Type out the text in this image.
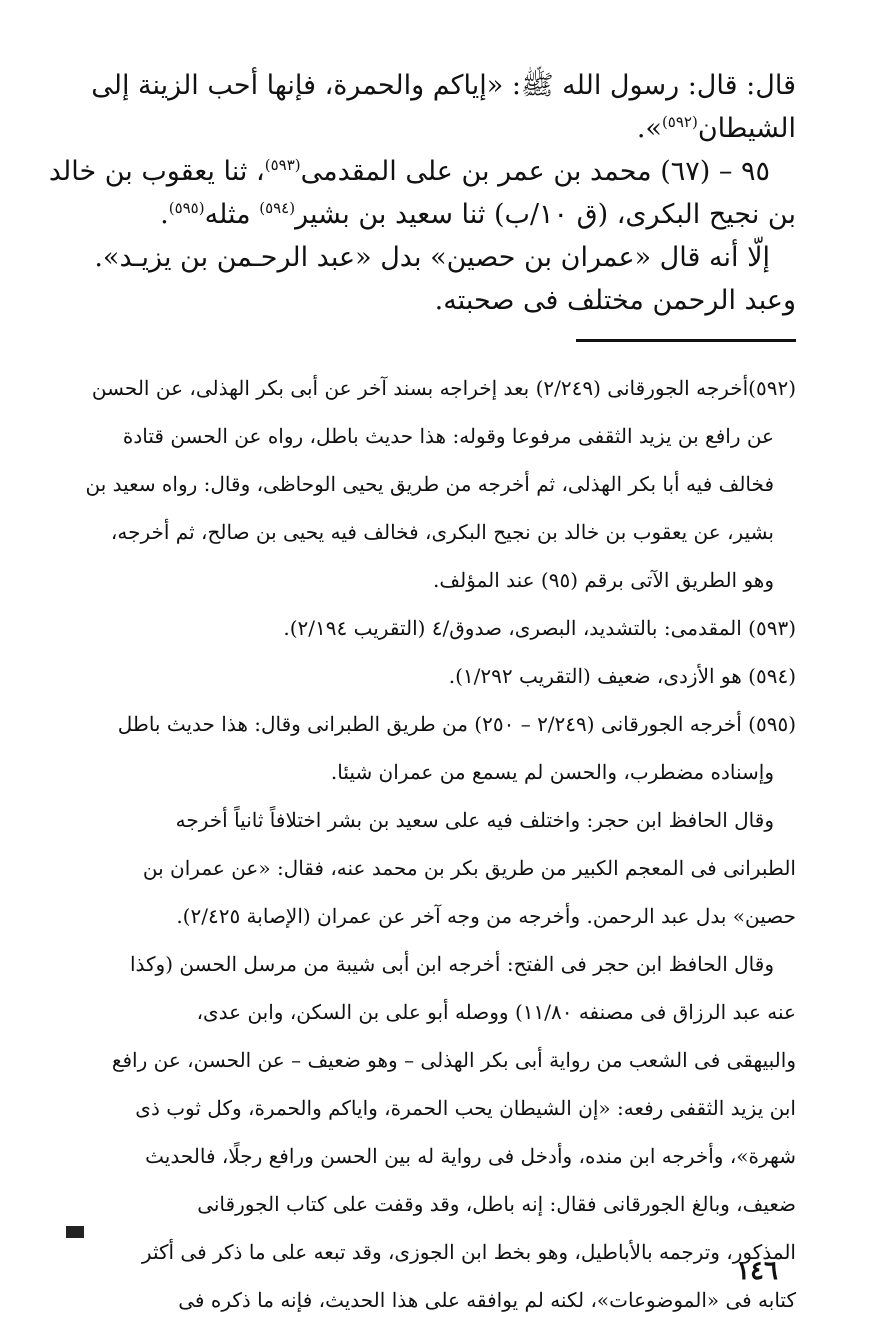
قال: قال: رسول الله ﷺ: «إياكم والحمرة، فإنها أحب الزينة إلى
الشيطان$^{(٥٩٢)}$».

٩٥ – (٦٧) محمد بن عمر بن على المقدمى$^{(٥٩٣)}$، ثنا يعقوب بن خالد
بن نجيح البكرى، (ق ١٠/ب) ثنا سعيد بن بشير$^{(٥٩٤)}$ مثله$^{(٥٩٥)}$.
إلّا أنه قال «عمران بن حصين» بدل «عبد الرحـمن بن يزيـد».
وعبد الرحمن مختلف فى صحبته.

(٥٩٢)أخرجه الجورقانى (٢/٢٤٩) بعد إخراجه بسند آخر عن أبى بكر الهذلى، عن الحسن

عن رافع بن يزيد الثقفى مرفوعا وقوله: هذا حديث باطل، رواه عن الحسن قتادة

فخالف فيه أبا بكر الهذلى، ثم أخرجه من طريق يحيى الوحاظى، وقال: رواه سعيد بن

بشير، عن يعقوب بن خالد بن نجيح البكرى، فخالف فيه يحيى بن صالح، ثم أخرجه،

وهو الطريق الآتى برقم (٩٥) عند المؤلف.

(٥٩٣) المقدمى: بالتشديد، البصرى، صدوق/٤ (التقريب ٢/١٩٤).

(٥٩٤) هو الأزدى، ضعيف (التقريب ١/٢٩٢).

(٥٩٥) أخرجه الجورقانى (٢/٢٤٩ – ٢٥٠) من طريق الطبرانى وقال: هذا حديث باطل

وإسناده مضطرب، والحسن لم يسمع من عمران شيئا.

وقال الحافظ ابن حجر: واختلف فيه على سعيد بن بشر اختلافاً ثانياً أخرجه

الطبرانى فى المعجم الكبير من طريق بكر بن محمد عنه، فقال: «عن عمران بن

حصين» بدل عبد الرحمن. وأخرجه من وجه آخر عن عمران (الإصابة ٢/٤٢٥).

وقال الحافظ ابن حجر فى الفتح: أخرجه ابن أبى شيبة من مرسل الحسن (وكذا

عنه عبد الرزاق فى مصنفه ١١/٨٠) ووصله أبو على بن السكن، وابن عدى،

والبيهقى فى الشعب من رواية أبى بكر الهذلى – وهو ضعيف – عن الحسن، عن رافع

ابن يزيد الثقفى رفعه: «إن الشيطان يحب الحمرة، واياكم والحمرة، وكل ثوب ذى

شهرة»، وأخرجه ابن منده، وأدخل فى رواية له بين الحسن ورافع رجلًا، فالحديث

ضعيف، وبالغ الجورقانى فقال: إنه باطل، وقد وقفت على كتاب الجورقانى

المذكور، وترجمه بالأباطيل، وهو بخط ابن الجوزى، وقد تبعه على ما ذكر فى أكثر

كتابه فى «الموضوعات»، لكنه لم يوافقه على هذا الحديث، فإنه ما ذكره فى

١٤٦
